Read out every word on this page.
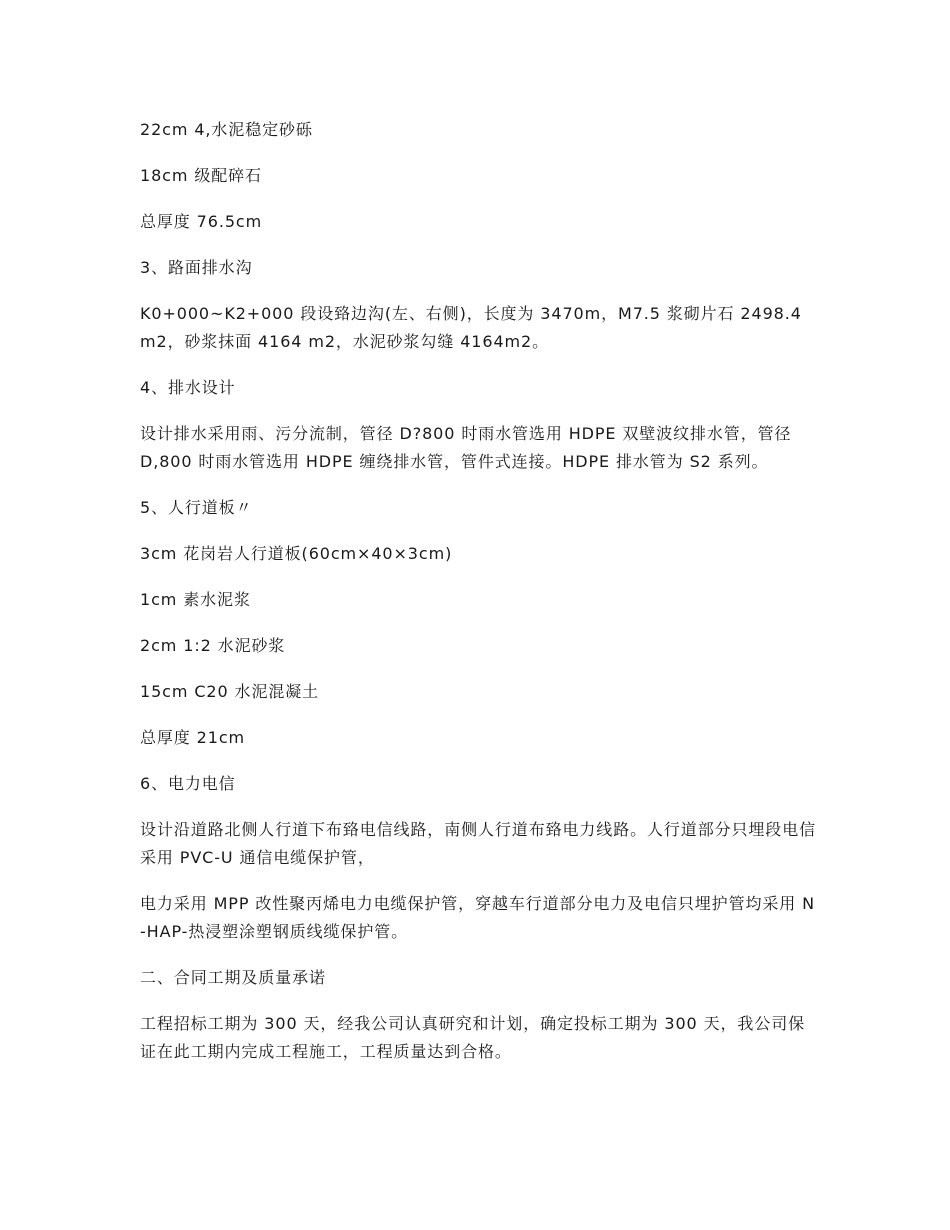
22cm 4,水泥稳定砂砾

18cm 级配碎石

总厚度 76.5cm

3、路面排水沟

K0+000~K2+000 段设臵边沟(左、右侧)，长度为 3470m，M7.5 浆砌片石 2498.4m2，砂浆抹面 4164 m2，水泥砂浆勾缝 4164m2。

4、排水设计

设计排水采用雨、污分流制，管径 D?800 时雨水管选用 HDPE 双壁波纹排水管，管径 D,800 时雨水管选用 HDPE 缠绕排水管，管件式连接。HDPE 排水管为 S2 系列。

5、人行道板〃

3cm 花岗岩人行道板(60cm×40×3cm)

1cm 素水泥浆

2cm 1:2 水泥砂浆

15cm C20 水泥混凝土

总厚度 21cm

6、电力电信

设计沿道路北侧人行道下布臵电信线路，南侧人行道布臵电力线路。人行道部分只埋段电信采用 PVC-U 通信电缆保护管，

电力采用 MPP 改性聚丙烯电力电缆保护管，穿越车行道部分电力及电信只埋护管均采用 N-HAP-热浸塑涂塑钢质线缆保护管。

二、合同工期及质量承诺

工程招标工期为 300 天，经我公司认真研究和计划，确定投标工期为 300 天，我公司保证在此工期内完成工程施工，工程质量达到合格。
